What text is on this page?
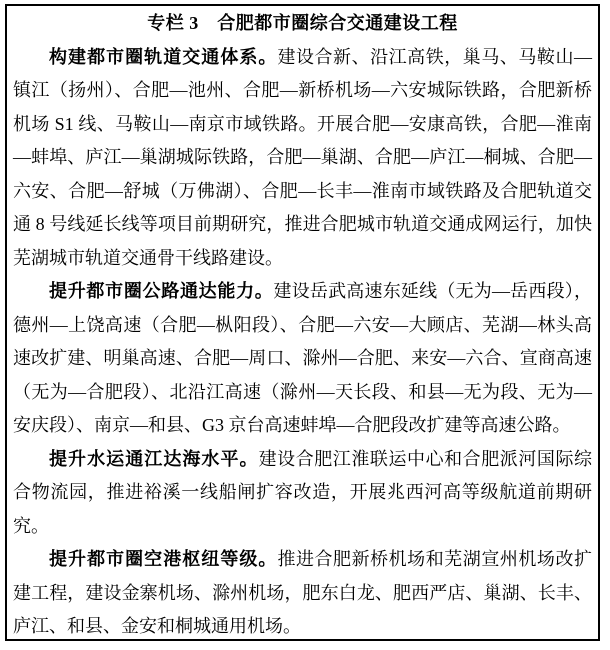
专栏 3　合肥都市圈综合交通建设工程

构建都市圈轨道交通体系。建设合新、沿江高铁，巢马、马鞍山—镇江（扬州）、合肥—池州、合肥—新桥机场—六安城际铁路，合肥新桥机场 S1 线、马鞍山—南京市域铁路。开展合肥—安康高铁，合肥—淮南—蚌埠、庐江—巢湖城际铁路，合肥—巢湖、合肥—庐江—桐城、合肥—六安、合肥—舒城（万佛湖）、合肥—长丰—淮南市域铁路及合肥轨道交通 8 号线延长线等项目前期研究，推进合肥城市轨道交通成网运行，加快芜湖城市轨道交通骨干线路建设。

提升都市圈公路通达能力。建设岳武高速东延线（无为—岳西段），德州—上饶高速（合肥—枞阳段）、合肥—六安—大顾店、芜湖—林头高速改扩建、明巢高速、合肥—周口、滁州—合肥、来安—六合、宣商高速（无为—合肥段）、北沿江高速（滁州—天长段、和县—无为段、无为—安庆段）、南京—和县、G3 京台高速蚌埠—合肥段改扩建等高速公路。

提升水运通江达海水平。建设合肥江淮联运中心和合肥派河国际综合物流园，推进裕溪一线船闸扩容改造，开展兆西河高等级航道前期研究。

提升都市圈空港枢纽等级。推进合肥新桥机场和芜湖宣州机场改扩建工程，建设金寨机场、滁州机场，肥东白龙、肥西严店、巢湖、长丰、庐江、和县、金安和桐城通用机场。
